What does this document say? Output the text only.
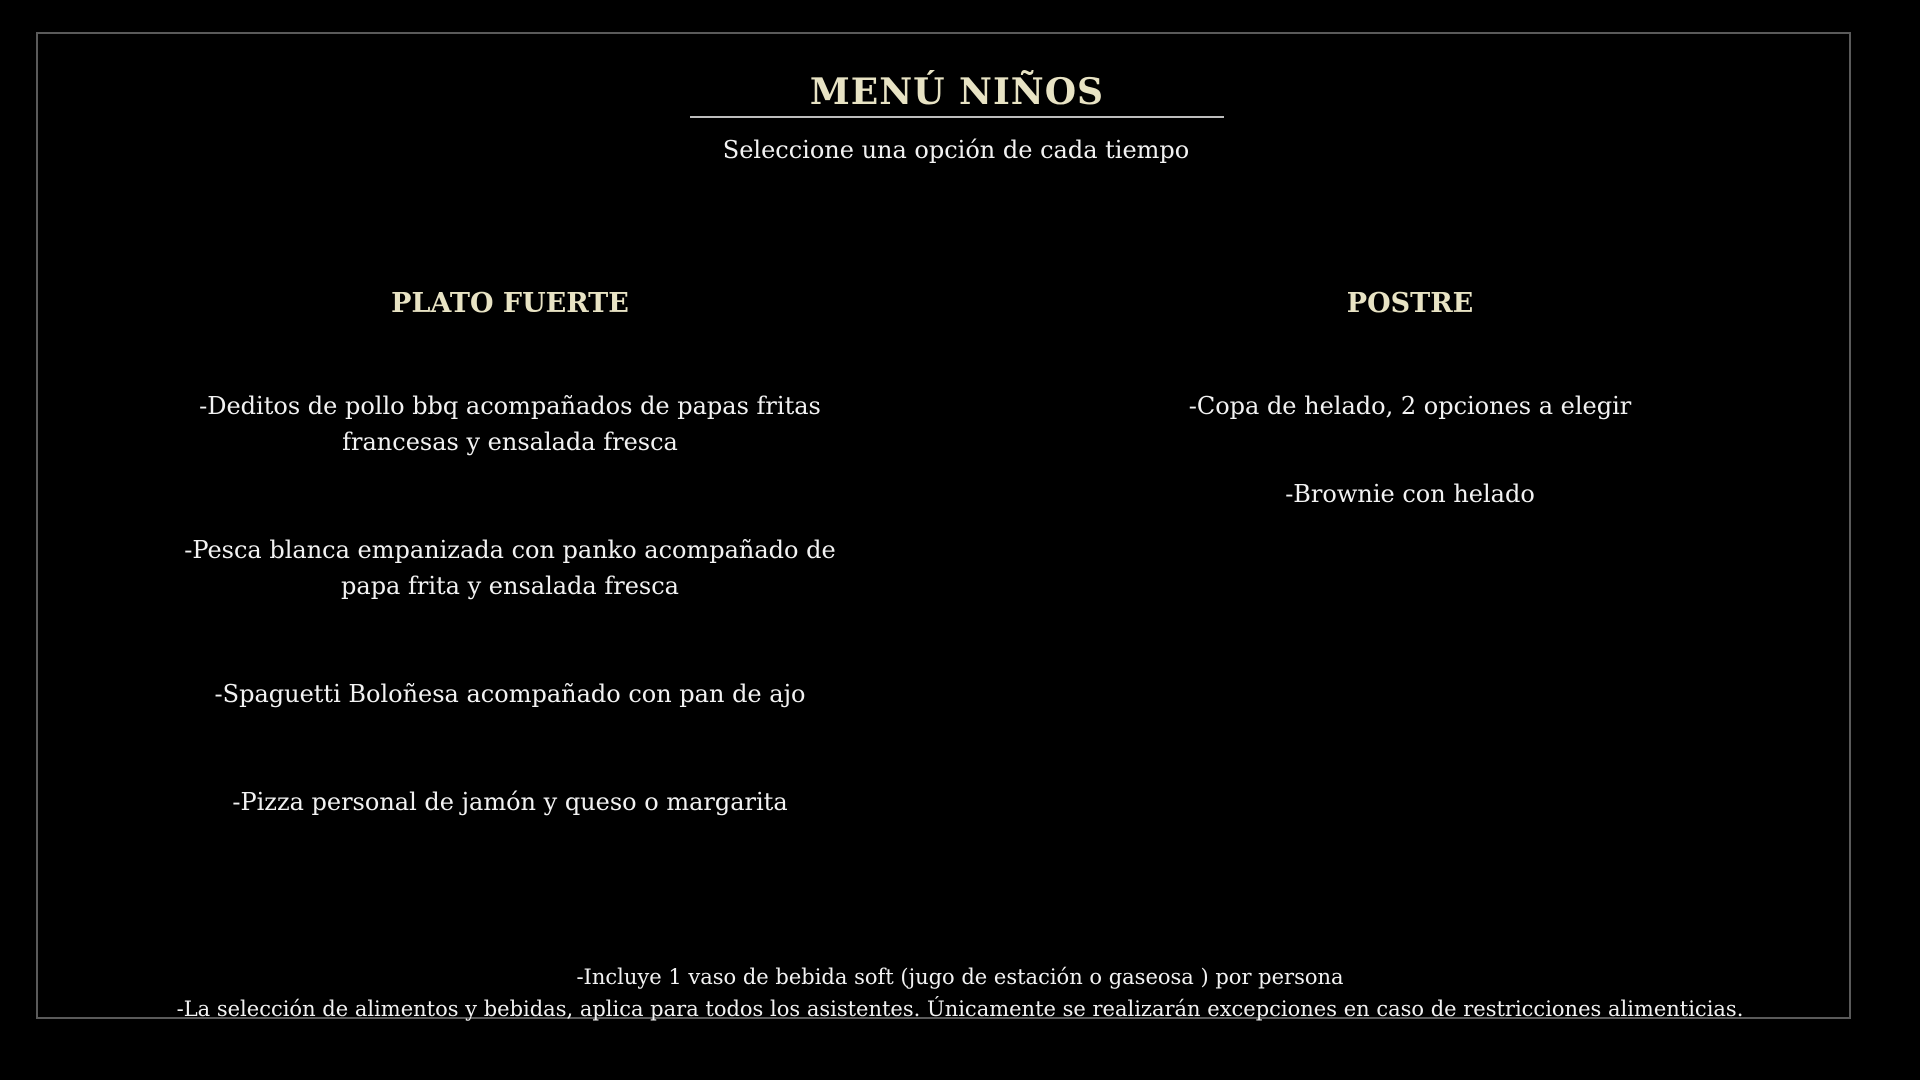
MENÚ NIÑOS
Seleccione una opción de cada tiempo
PLATO FUERTE	POSTRE
-Deditos de pollo bbq acompañados de papas fritas
francesas y ensalada fresca
-Pesca blanca empanizada con panko acompañado de
papa frita y ensalada fresca
-Spaguetti Boloñesa acompañado con pan de ajo
-Pizza personal de jamón y queso o margarita
-Copa de helado, 2 opciones a elegir
-Brownie con helado
-Incluye 1 vaso de bebida soft (jugo de estación o gaseosa ) por persona
-La selección de alimentos y bebidas, aplica para todos los asistentes. Únicamente se realizarán excepciones en caso de restricciones alimenticias.
